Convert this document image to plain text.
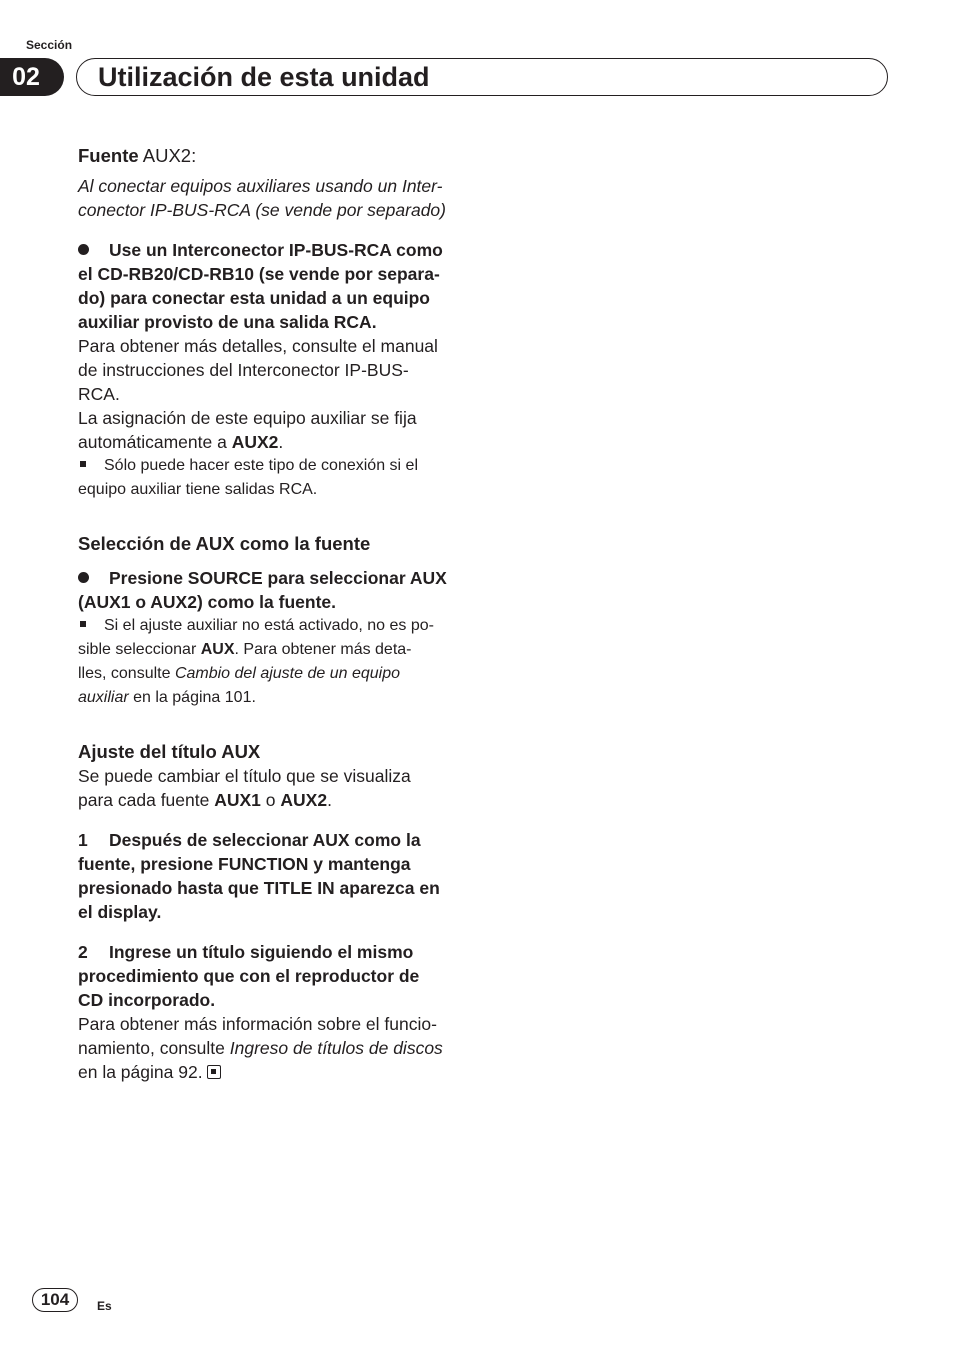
Sección
02	Utilización de esta unidad

Fuente AUX2:

Al conectar equipos auxiliares usando un Inter-
conector IP-BUS-RCA (se vende por separado)

Use un Interconector IP-BUS-RCA como
el CD-RB20/CD-RB10 (se vende por separa-
do) para conectar esta unidad a un equipo
auxiliar provisto de una salida RCA.

Para obtener más detalles, consulte el manual
de instrucciones del Interconector IP-BUS-
RCA.

La asignación de este equipo auxiliar se fija
automáticamente a AUX2.

Sólo puede hacer este tipo de conexión si el
equipo auxiliar tiene salidas RCA.

Selección de AUX como la fuente

Presione SOURCE para seleccionar AUX
(AUX1 o AUX2) como la fuente.

Si el ajuste auxiliar no está activado, no es po-
sible seleccionar AUX. Para obtener más deta-
lles, consulte Cambio del ajuste de un equipo
auxiliar en la página 101.

Ajuste del título AUX

Se puede cambiar el título que se visualiza
para cada fuente AUX1 o AUX2.

1 Después de seleccionar AUX como la
fuente, presione FUNCTION y mantenga
presionado hasta que TITLE IN aparezca en
el display.

2 Ingrese un título siguiendo el mismo
procedimiento que con el reproductor de
CD incorporado.

Para obtener más información sobre el funcio-
namiento, consulte Ingreso de títulos de discos
en la página 92.

104	Es
